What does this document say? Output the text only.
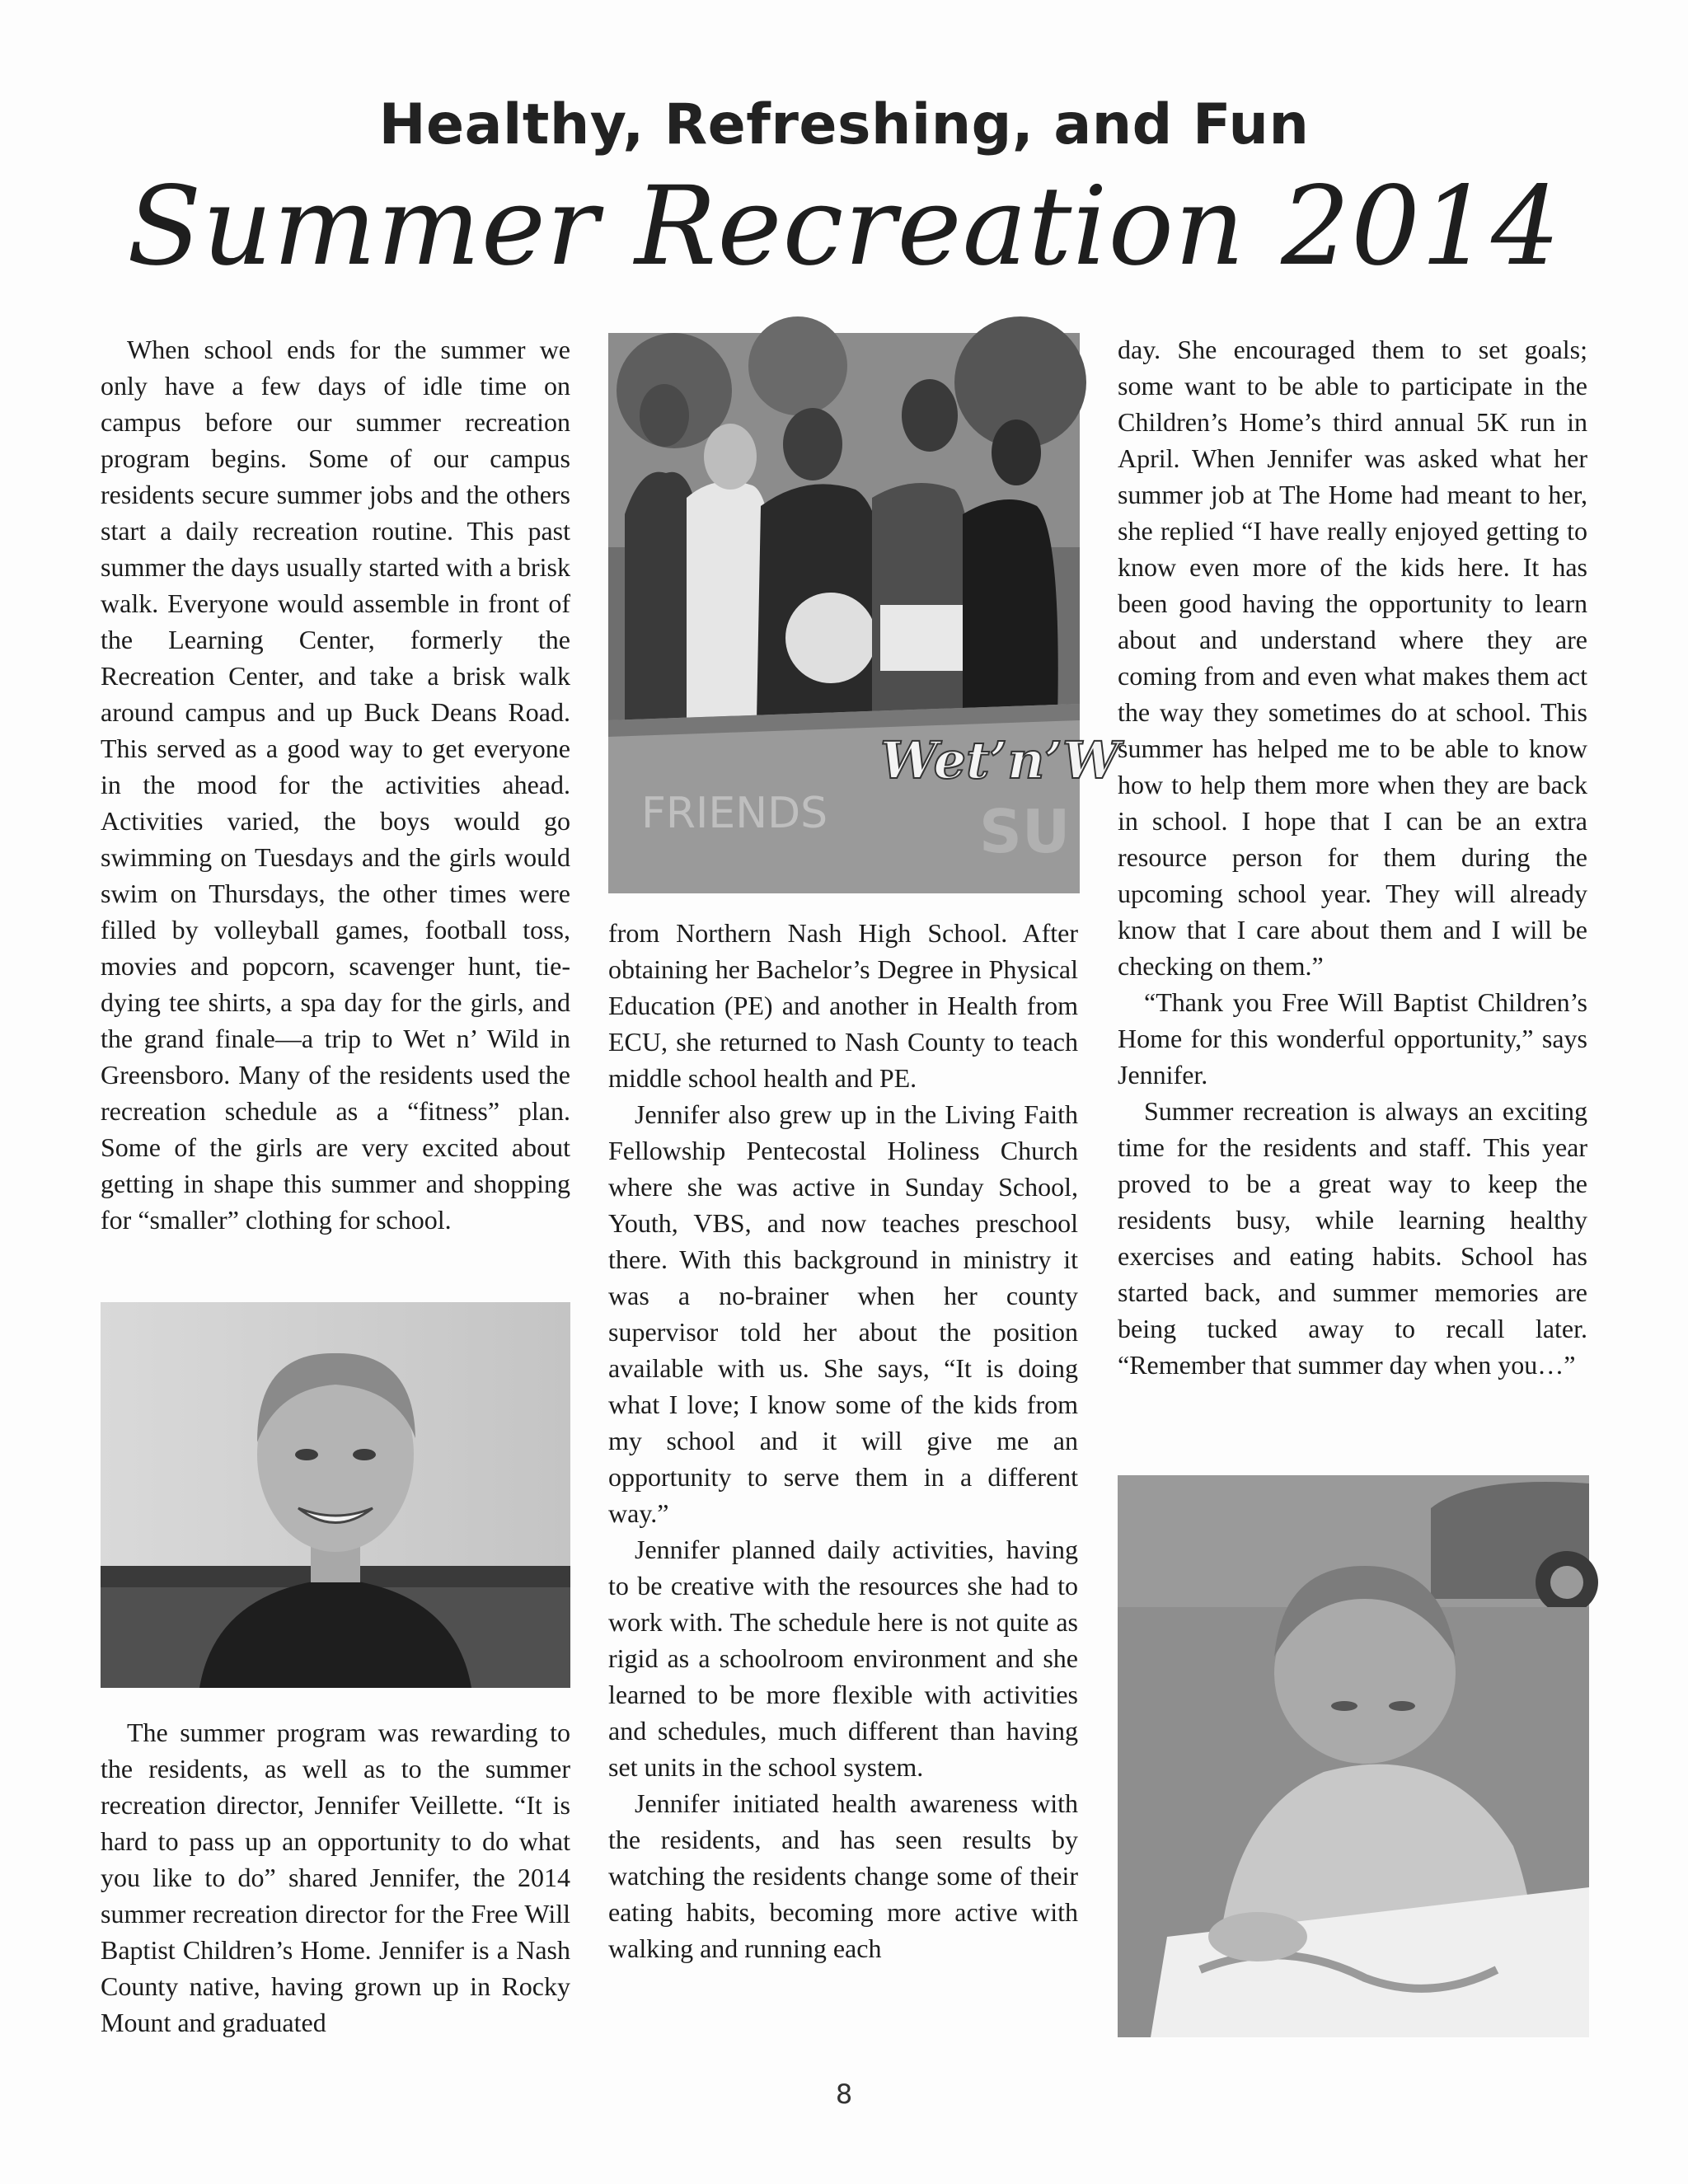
Healthy, Refreshing, and Fun
Summer Recreation 2014

When school ends for the summer we only have a few days of idle time on campus before our summer recreation program begins. Some of our campus residents secure summer jobs and the others start a daily recreation routine. This past summer the days usually started with a brisk walk. Everyone would assemble in front of the Learning Center, formerly the Recreation Center, and take a brisk walk around campus and up Buck Deans Road. This served as a good way to get everyone in the mood for the activities ahead. Activities varied, the boys would go swimming on Tuesdays and the girls would swim on Thursdays, the other times were filled by volleyball games, football toss, movies and popcorn, scavenger hunt, tie-dying tee shirts, a spa day for the girls, and the grand finale—a trip to Wet n’ Wild in Greensboro. Many of the residents used the recreation schedule as a “fitness” plan. Some of the girls are very excited about getting in shape this summer and shopping for “smaller” clothing for school.

The summer program was rewarding to the residents, as well as to the summer recreation director, Jennifer Veillette. “It is hard to pass up an opportunity to do what you like to do” shared Jennifer, the 2014 summer recreation director for the Free Will Baptist Children’s Home. Jennifer is a Nash County native, having grown up in Rocky Mount and graduated

Wet’n’W
FRIENDS	SU

from Northern Nash High School. After obtaining her Bachelor’s Degree in Physical Education (PE) and another in Health from ECU, she returned to Nash County to teach middle school health and PE.

Jennifer also grew up in the Living Faith Fellowship Pentecostal Holiness Church where she was active in Sunday School, Youth, VBS, and now teaches preschool there. With this background in ministry it was a no-brainer when her county supervisor told her about the position available with us. She says, “It is doing what I love; I know some of the kids from my school and it will give me an opportunity to serve them in a different way.”

Jennifer planned daily activities, having to be creative with the resources she had to work with. The schedule here is not quite as rigid as a schoolroom environment and she learned to be more flexible with activities and schedules, much different than having set units in the school system.

Jennifer initiated health awareness with the residents, and has seen results by watching the residents change some of their eating habits, becoming more active with walking and running each

day. She encouraged them to set goals; some want to be able to participate in the Children’s Home’s third annual 5K run in April. When Jennifer was asked what her summer job at The Home had meant to her, she replied “I have really enjoyed getting to know even more of the kids here. It has been good having the opportunity to learn about and understand where they are coming from and even what makes them act the way they sometimes do at school. This summer has helped me to be able to know how to help them more when they are back in school. I hope that I can be an extra resource person for them during the upcoming school year. They will already know that I care about them and I will be checking on them.”

“Thank you Free Will Baptist Children’s Home for this wonderful opportunity,” says Jennifer.

Summer recreation is always an exciting time for the residents and staff. This year proved to be a great way to keep the residents busy, while learning healthy exercises and eating habits. School has started back, and summer memories are being tucked away to recall later. “Remember that summer day when you…”

8
